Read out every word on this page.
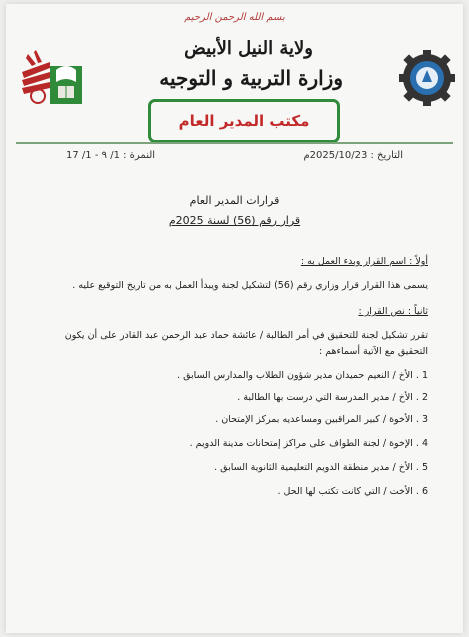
بسم الله الرحمن الرحيم
ولاية النيل الأبيض
وزارة التربية و التوجيه
مكتب المدير العام
التاريخ : 2025/10/23م
النمرة : 1/ ٩ - 1/ 17
قرارات المدير العام
قرار رقم (56) لسنة 2025م
أولاً : اسم القرار وبدء العمل به :
يسمى هذا القرار قرار وزاري رقم (56) لتشكيل لجنة ويبدأ العمل به من تاريخ التوقيع عليه .
ثانياً : نص القرار :
تقرر تشكيل لجنة للتحقيق في أمر الطالبة / عائشة حماد عبد الرحمن عبد القادر على أن يكون
التحقيق مع الآتية أسماءهم :
1 . الأخ / النعيم حميدان مدير شؤون الطلاب والمدارس السابق .
2 . الأخ / مدير المدرسة التي درست بها الطالبة .
3 . الأخوة / كبير المراقبين ومساعديه بمركز الإمتحان .
4 . الإخوة / لجنة الطواف على مراكز إمتحانات مدينة الدويم .
5 . الأخ / مدير منطقة الدويم التعليمية الثانوية السابق .
6 . الأخت / التي كانت تكتب لها الحل .
